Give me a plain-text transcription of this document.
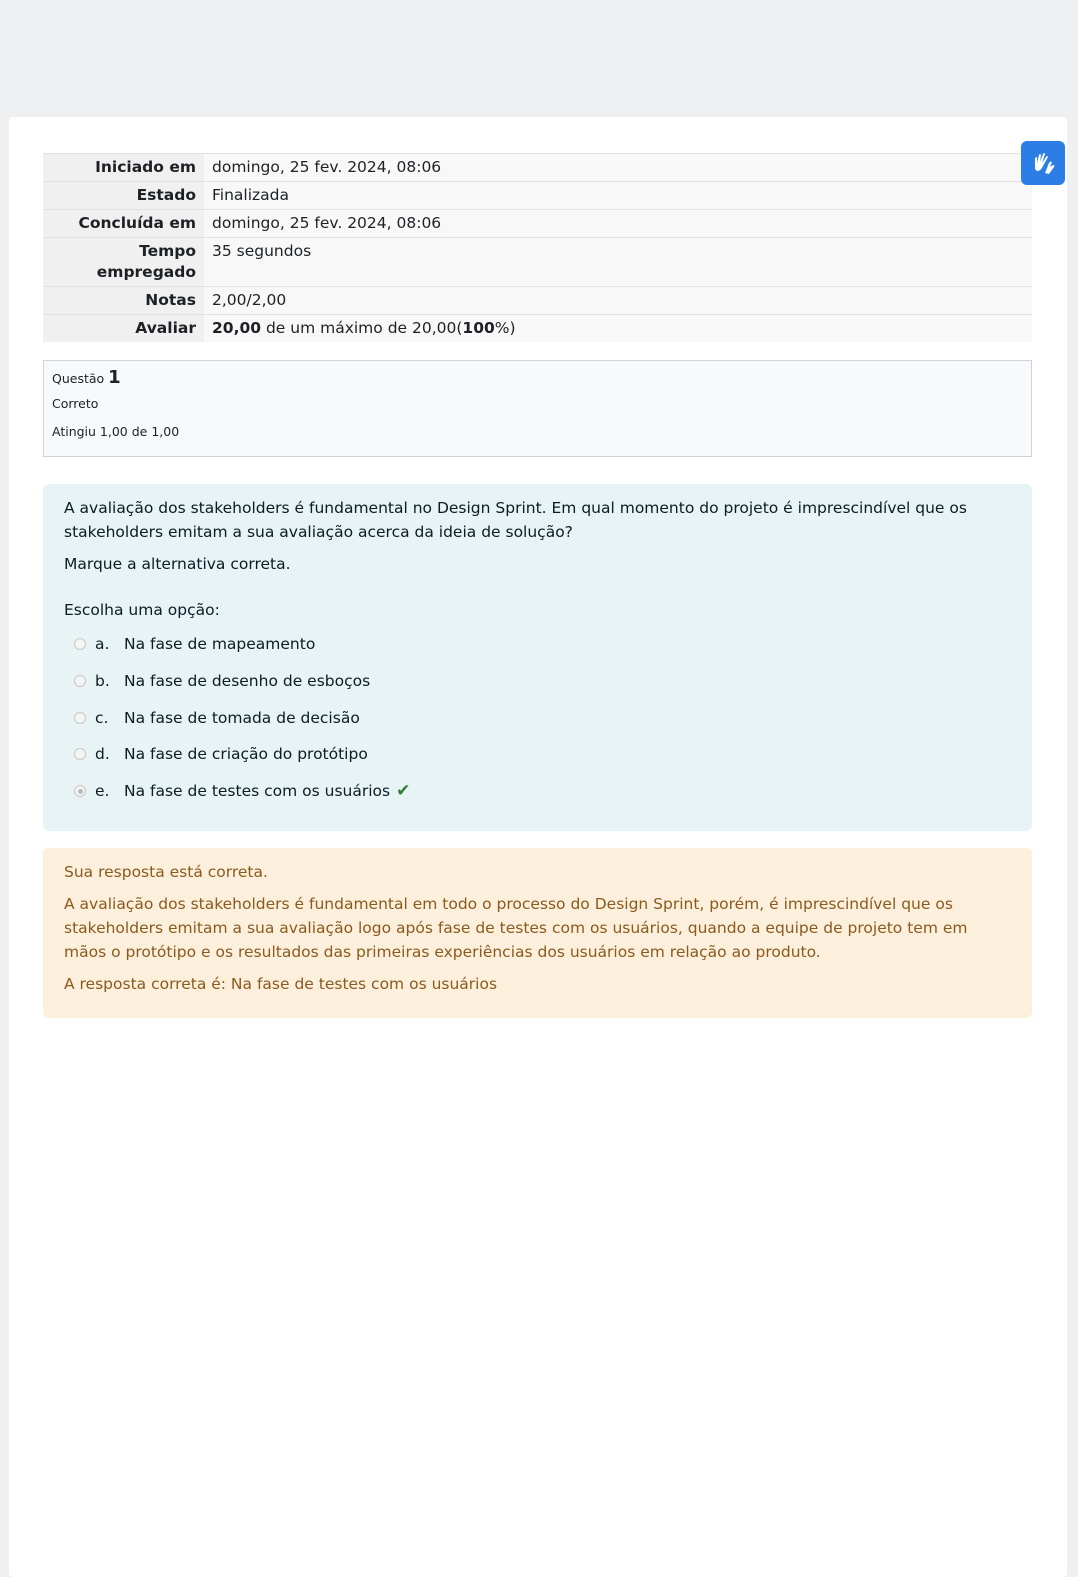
Iniciado em	domingo, 25 fev. 2024, 08:06
Estado	Finalizada
Concluída em	domingo, 25 fev. 2024, 08:06
Tempo empregado	35 segundos
Notas	2,00/2,00
Avaliar	20,00 de um máximo de 20,00(100%)
Questão 1
Correto
Atingiu 1,00 de 1,00

A avaliação dos stakeholders é fundamental no Design Sprint. Em qual momento do projeto é imprescindível que os stakeholders emitam a sua avaliação acerca da ideia de solução?

Marque a alternativa correta.

Escolha uma opção:
a. Na fase de mapeamento
b. Na fase de desenho de esboços
c.	Na fase de tomada de decisão
d. Na fase de criação do protótipo
e. Na fase de testes com os usuários ✔

Sua resposta está correta.

A avaliação dos stakeholders é fundamental em todo o processo do Design Sprint, porém, é imprescindível que os stakeholders emitam a sua avaliação logo após fase de testes com os usuários, quando a equipe de projeto tem em mãos o protótipo e os resultados das primeiras experiências dos usuários em relação ao produto.

A resposta correta é: Na fase de testes com os usuários
